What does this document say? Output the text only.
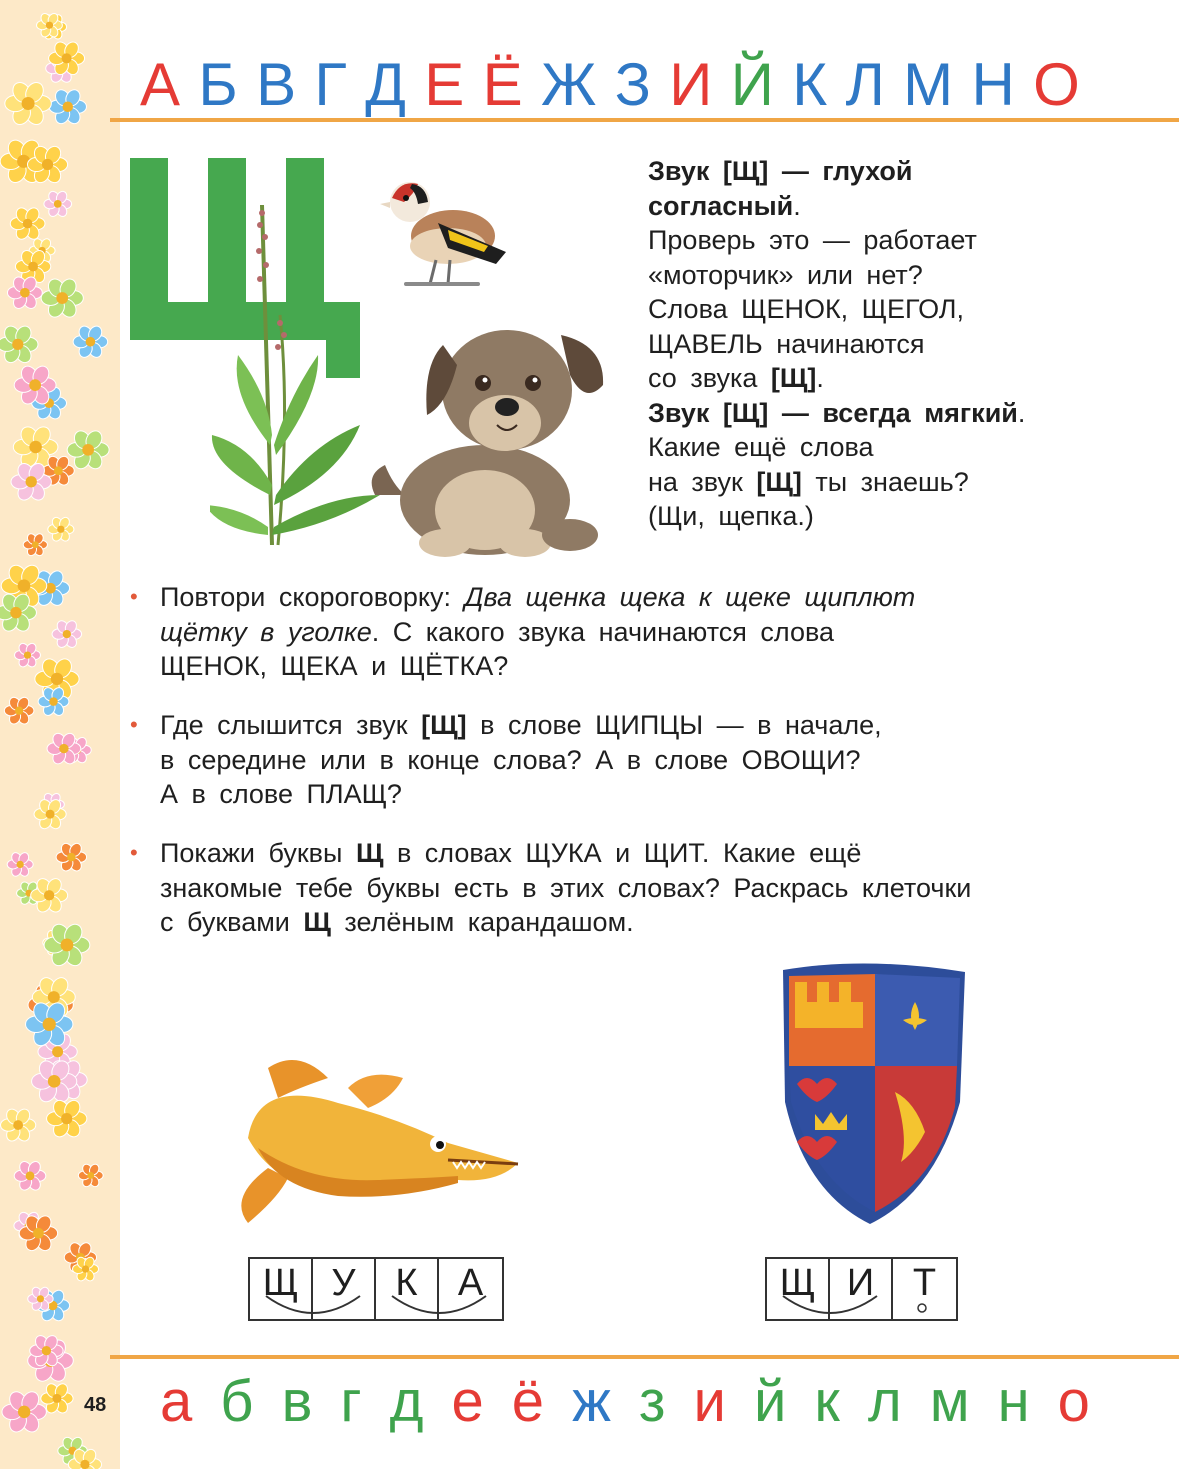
А Б В Г Д Е Ё Ж З И Й К Л М Н О

Звук [Щ] — глухой

согласный.

Проверь это — работает

«моторчик» или нет?

Слова ЩЕНОК, ЩЕГОЛ,

ЩАВЕЛЬ начинаются

со звука [Щ].

Звук [Щ] — всегда мягкий.

Какие ещё слова

на звук [Щ] ты знаешь?

(Щи, щепка.)

• Повтори скороговорку: Два щенка щека к щеке щиплют

щётку в уголке. С какого звука начинаются слова

ЩЕНОК, ЩЕКА и ЩЁТКА?

• Где слышится звук [Щ] в слове ЩИПЦЫ — в начале,

в середине или в конце слова? А в слове ОВОЩИ?

А в слове ПЛАЩ?

• Покажи буквы Щ в словах ЩУКА и ЩИТ. Какие ещё

знакомые тебе буквы есть в этих словах? Раскрась клеточки

с буквами Щ зелёным карандашом.

Щ У	К	А	Щ И	Т
48 а б в г д е ё ж з и й к л м н о
